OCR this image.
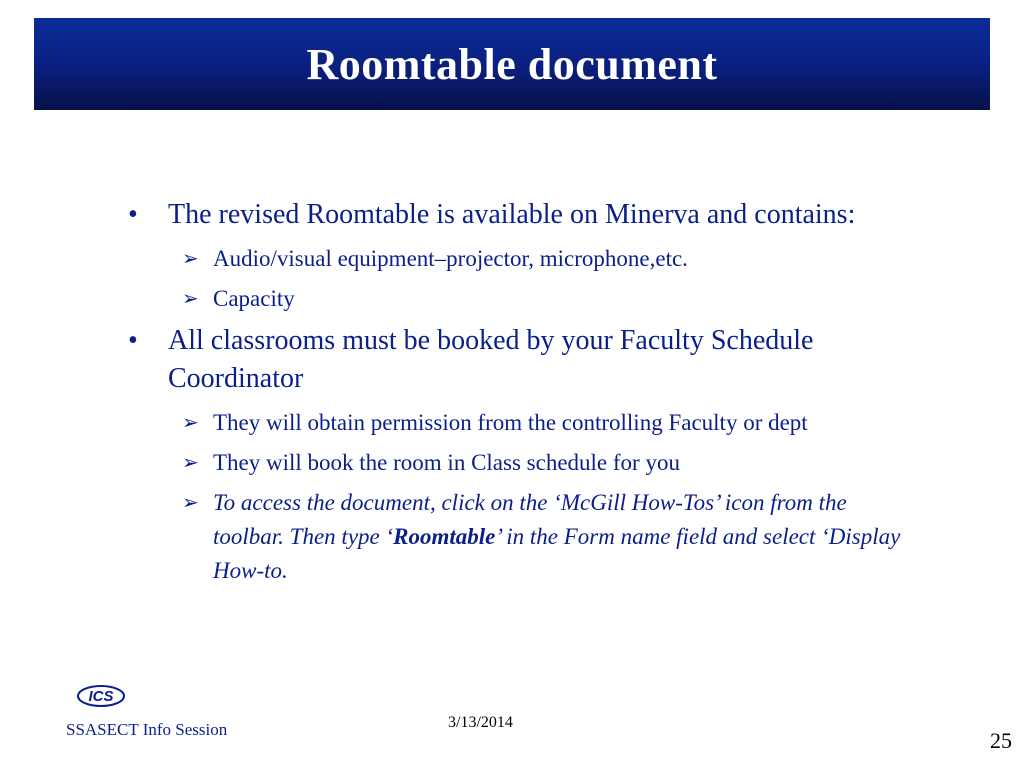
Roomtable document
• The revised Roomtable is available on Minerva and contains:
➢ Audio/visual equipment–projector, microphone,etc.
➢ Capacity
• All classrooms must be booked by your Faculty Schedule Coordinator
➢ They will obtain permission from the controlling Faculty or dept
➢ They will book the room in Class schedule for you
➢ To access the document, click on the ‘McGill How-Tos’ icon from the toolbar. Then type ‘Roomtable’ in the Form name field and select ‘Display How-to.
ICS
SSASECT Info Session	3/13/2014
25
